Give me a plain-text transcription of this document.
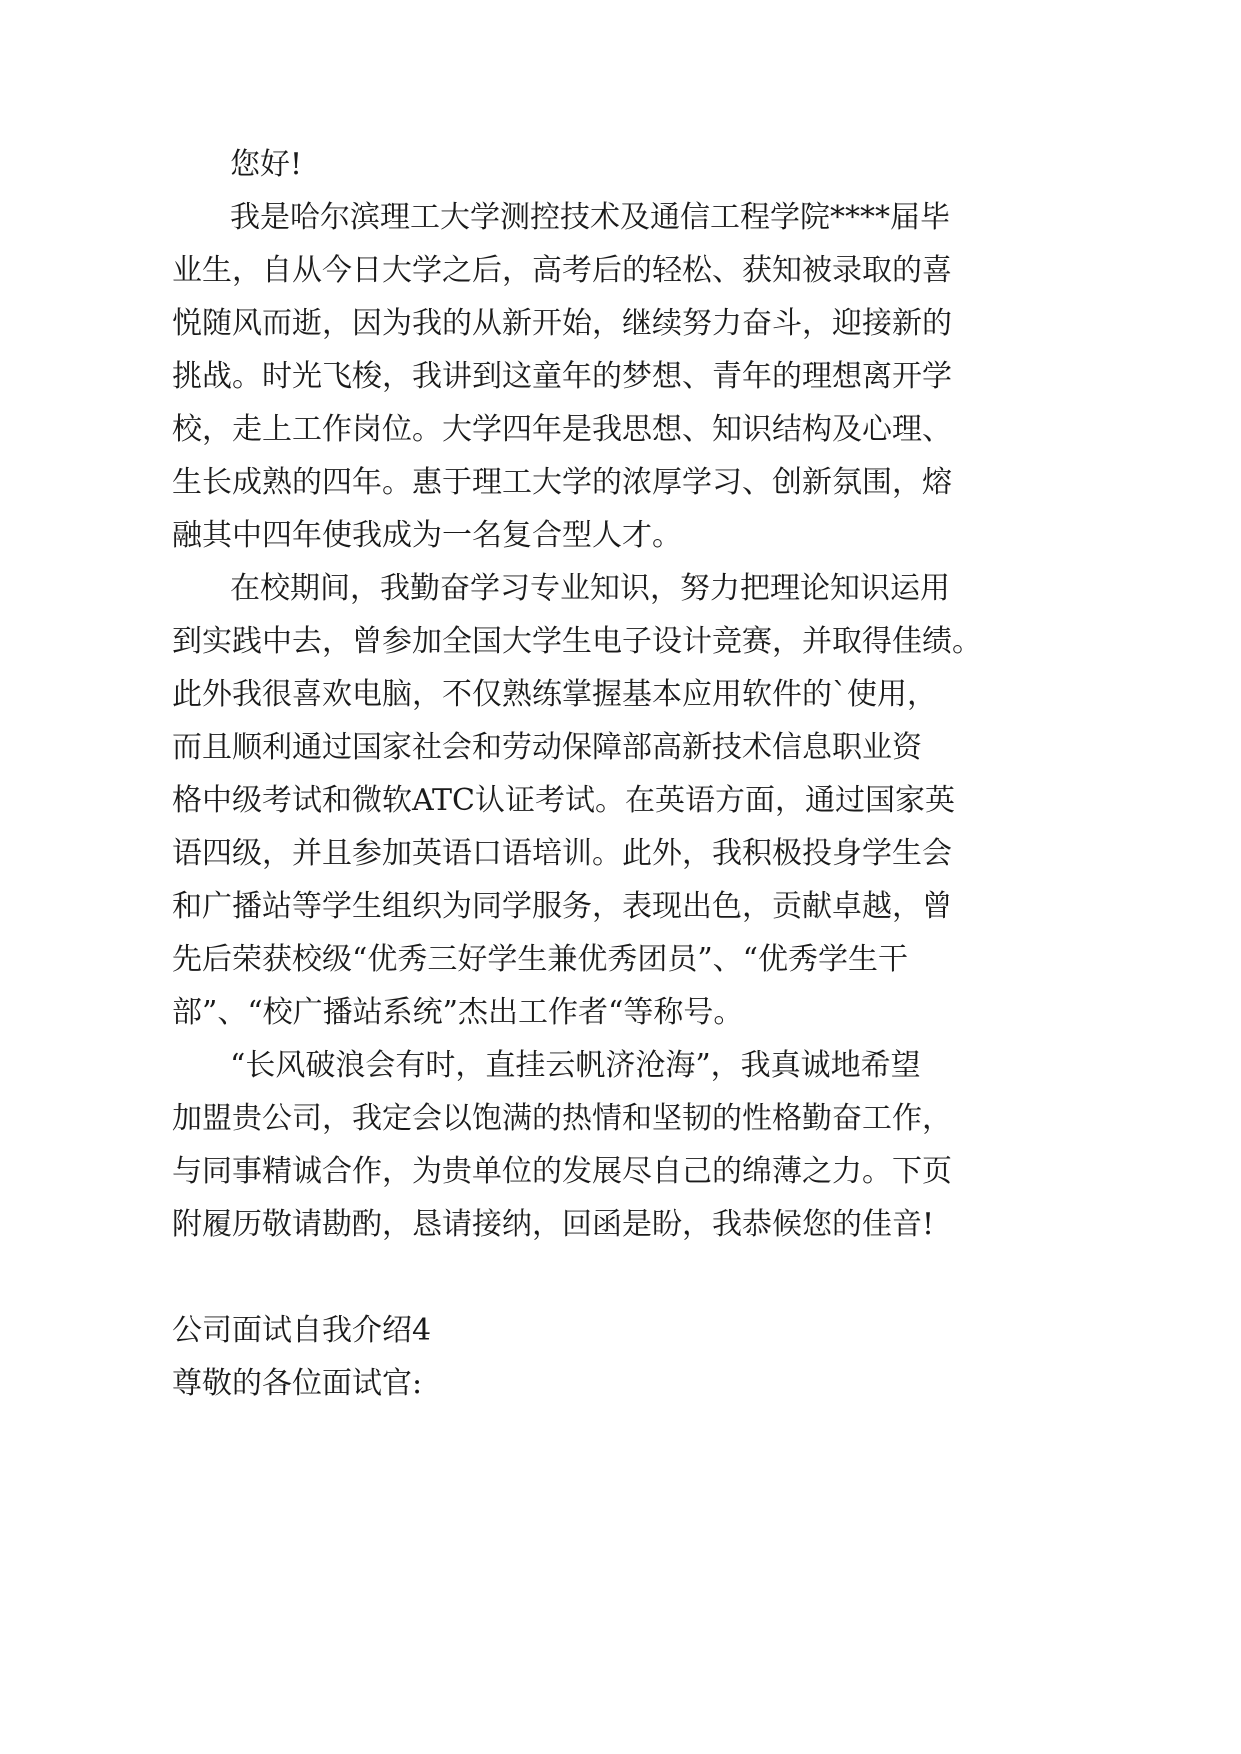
您好!
我是哈尔滨理工大学测控技术及通信工程学院****届毕
业生，自从今日大学之后，高考后的轻松、获知被录取的喜
悦随风而逝，因为我的从新开始，继续努力奋斗，迎接新的
挑战。时光飞梭，我讲到这童年的梦想、青年的理想离开学
校，走上工作岗位。大学四年是我思想、知识结构及心理、
生长成熟的四年。惠于理工大学的浓厚学习、创新氛围，熔
融其中四年使我成为一名复合型人才。
在校期间，我勤奋学习专业知识，努力把理论知识运用
到实践中去，曾参加全国大学生电子设计竞赛，并取得佳绩。
此外我很喜欢电脑，不仅熟练掌握基本应用软件的`使用，
而且顺利通过国家社会和劳动保障部高新技术信息职业资
格中级考试和微软ATC认证考试。在英语方面，通过国家英
语四级，并且参加英语口语培训。此外，我积极投身学生会
和广播站等学生组织为同学服务，表现出色，贡献卓越，曾
先后荣获校级“优秀三好学生兼优秀团员”、“优秀学生干
部”、“校广播站系统”杰出工作者“等称号。
“长风破浪会有时，直挂云帆济沧海”，我真诚地希望
加盟贵公司，我定会以饱满的热情和坚韧的性格勤奋工作，
与同事精诚合作，为贵单位的发展尽自己的绵薄之力。下页
附履历敬请勘酌，恳请接纳，回函是盼，我恭候您的佳音!
公司面试自我介绍4
尊敬的各位面试官:
